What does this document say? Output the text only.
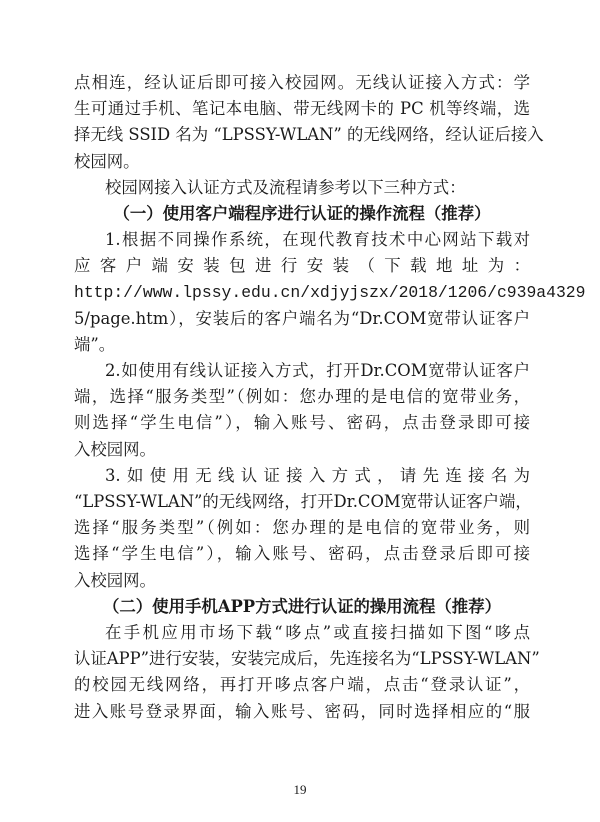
点相连，经认证后即可接入校园网。无线认证接入方式：学
生可通过手机、笔记本电脑、带无线网卡的 PC 机等终端，选
择无线 SSID 名为 “LPSSY-WLAN” 的无线网络，经认证后接入
校园网。
校园网接入认证方式及流程请参考以下三种方式：
（一）使用客户端程序进行认证的操作流程（推荐）
1.根据不同操作系统，在现代教育技术中心网站下载对
应 客 户 端 安 装 包 进 行 安 装 （ 下 载 地 址 为 ：
http://www.lpssy.edu.cn/xdjyjszx/2018/1206/c939a4329
5/page.htm），安装后的客户端名为“Dr.COM宽带认证客户
端”。
2.如使用有线认证接入方式，打开Dr.COM宽带认证客户
端，选择“服务类型”（例如：您办理的是电信的宽带业务，
则选择“学生电信”），输入账号、密码，点击登录即可接
入校园网。
3.如使用无线认证接入方式，请先连接名为
“LPSSY-WLAN”的无线网络，打开Dr.COM宽带认证客户端，
选择“服务类型”（例如：您办理的是电信的宽带业务，则
选择“学生电信”），输入账号、密码，点击登录后即可接
入校园网。
（二）使用手机APP方式进行认证的操用流程（推荐）
在手机应用市场下载“哆点”或直接扫描如下图“哆点
认证APP”进行安装，安装完成后，先连接名为“LPSSY-WLAN”
的校园无线网络，再打开哆点客户端，点击“登录认证”，
进入账号登录界面，输入账号、密码，同时选择相应的“服
19
